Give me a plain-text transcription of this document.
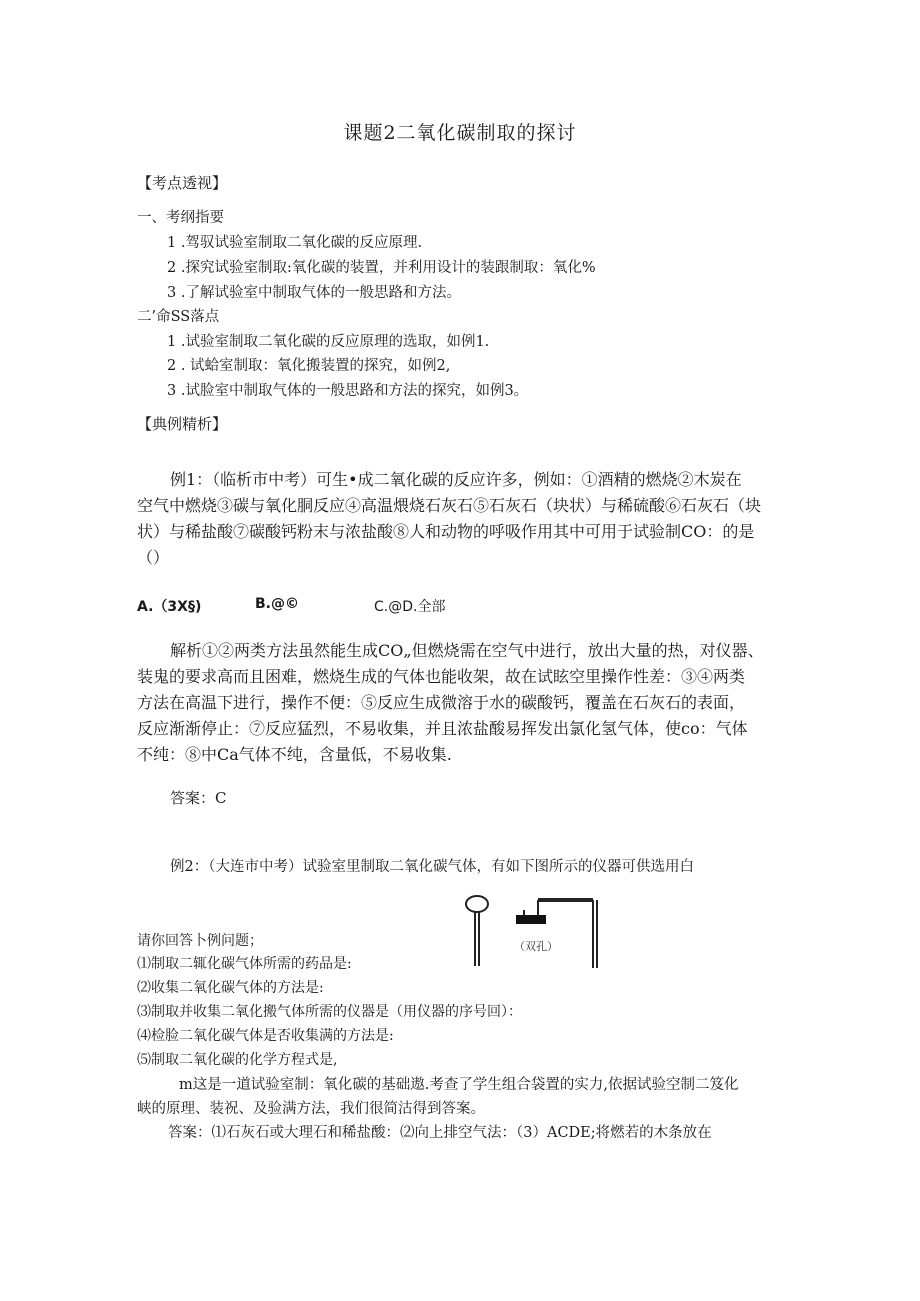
课题2二氧化碳制取的探讨
【考点透视】
一、考纲指要
1 .驾驭试验室制取二氧化碳的反应原理.
2 .探究试验室制取:氧化碳的装置，并利用设计的装跟制取：氧化%
3 .了解试验室中制取气体的一般思路和方法。
二’命SS落点
1 .试验室制取二氧化碳的反应原理的选取，如例1.
2 . 试蛤室制取：氧化搬装置的探究，如例2,
3 .试脸室中制取气体的一般思路和方法的探究，如例3。
【典例精析】
例1：（临析市中考）可生•成二氧化碳的反应许多，例如：①酒精的燃烧②木炭在
空气中燃烧③碳与氧化胴反应④高温煨烧石灰石⑤石灰石（块状）与稀硫酸⑥石灰石（块
状）与稀盐酸⑦碳酸钙粉末与浓盐酸⑧人和动物的呼吸作用其中可用于试验制CO：的是
（）
A.（3X§)	B.@©	C.@D.全部
解析①②两类方法虽然能生成CO„但燃烧需在空气中进行，放出大量的热，对仪器、
装鬼的要求高而且困难，燃烧生成的气体也能收架，故在试眩空里操作性差：③④两类
方法在高温下进行，操作不便：⑤反应生成微溶于水的碳酸钙，覆盖在石灰石的表面，
反应渐渐停止：⑦反应猛烈，不易收集，并且浓盐酸易挥发出氯化氢气体，使co：气体
不纯：⑧中Ca气体不纯，含量低，不易收集.
答案：C
例2：（大连市中考）试验室里制取二氧化碳气体，有如下图所示的仪器可供选用白
（双孔）
请你回答卜例问题；
⑴制取二辄化碳气体所需的药品是:
⑵收集二氧化碳气体的方法是:
⑶制取并收集二氧化搬气体所需的仪器是（用仪器的序号回）：
⑷检脸二氧化碳气体是否收集满的方法是:
⑸制取二氧化碳的化学方程式是,
m这是一道试验室制：氧化碳的基础遨.考查了学生组合袋置的实力,依据试验空制二笈化
峡的原理、装祝、及验满方法，我们很简沽得到答案。
答案：⑴石灰石或大理石和稀盐酸：⑵向上排空气法：（3）ACDE;将燃若的木条放在
